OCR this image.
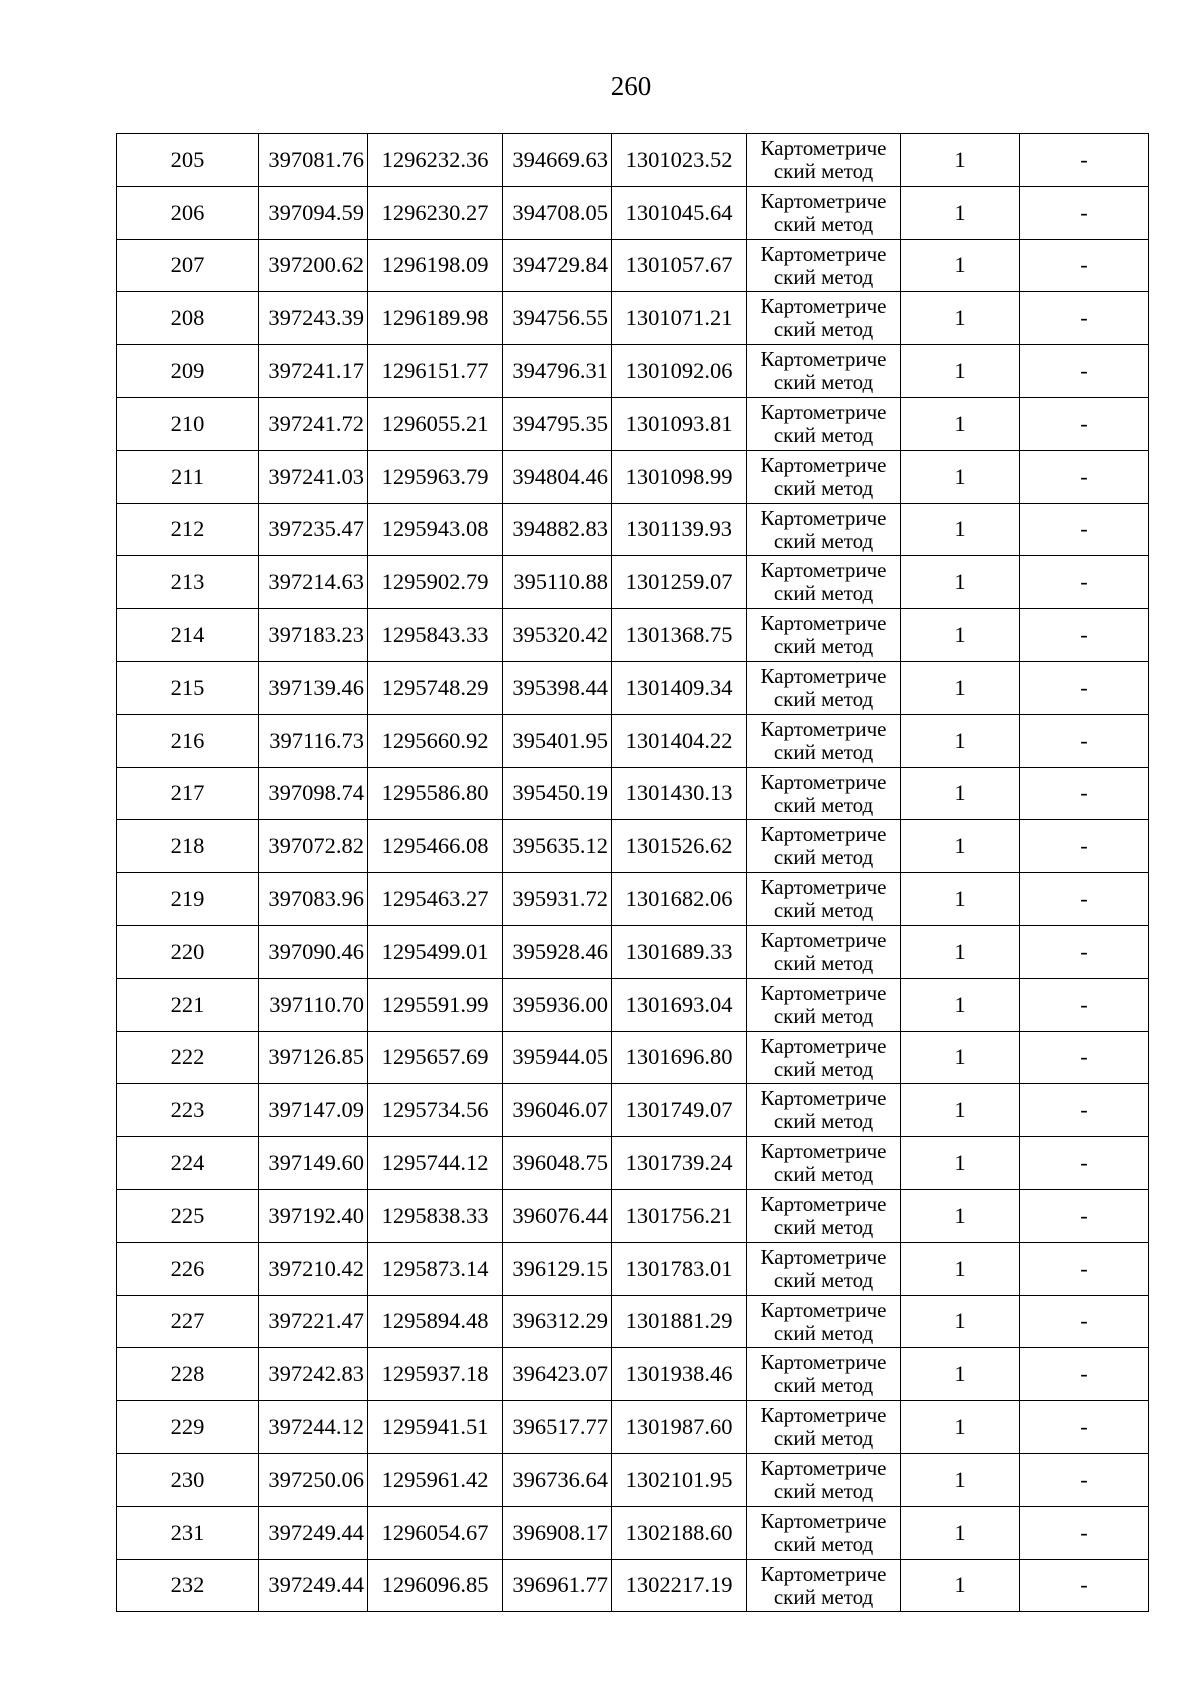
260
205	397081.76	1296232.36	394669.63	1301023.52	Картометриче
ский метод	1	-
206	397094.59	1296230.27	394708.05	1301045.64	Картометриче
ский метод	1	-
207	397200.62	1296198.09	394729.84	1301057.67	Картометриче
ский метод	1	-
208	397243.39	1296189.98	394756.55	1301071.21	Картометриче
ский метод	1	-
209	397241.17	1296151.77	394796.31	1301092.06	Картометриче
ский метод	1	-
210	397241.72	1296055.21	394795.35	1301093.81	Картометриче
ский метод	1	-
211	397241.03	1295963.79	394804.46	1301098.99	Картометриче
ский метод	1	-
212	397235.47	1295943.08	394882.83	1301139.93	Картометриче
ский метод	1	-
213	397214.63	1295902.79	395110.88	1301259.07	Картометриче
ский метод	1	-
214	397183.23	1295843.33	395320.42	1301368.75	Картометриче
ский метод	1	-
215	397139.46	1295748.29	395398.44	1301409.34	Картометриче
ский метод	1	-
216	397116.73	1295660.92	395401.95	1301404.22	Картометриче
ский метод	1	-
217	397098.74	1295586.80	395450.19	1301430.13	Картометриче
ский метод	1	-
218	397072.82	1295466.08	395635.12	1301526.62	Картометриче
ский метод	1	-
219	397083.96	1295463.27	395931.72	1301682.06	Картометриче
ский метод	1	-
220	397090.46	1295499.01	395928.46	1301689.33	Картометриче
ский метод	1	-
221	397110.70	1295591.99	395936.00	1301693.04	Картометриче
ский метод	1	-
222	397126.85	1295657.69	395944.05	1301696.80	Картометриче
ский метод	1	-
223	397147.09	1295734.56	396046.07	1301749.07	Картометриче
ский метод	1	-
224	397149.60	1295744.12	396048.75	1301739.24	Картометриче
ский метод	1	-
225	397192.40	1295838.33	396076.44	1301756.21	Картометриче
ский метод	1	-
226	397210.42	1295873.14	396129.15	1301783.01	Картометриче
ский метод	1	-
227	397221.47	1295894.48	396312.29	1301881.29	Картометриче
ский метод	1	-
228	397242.83	1295937.18	396423.07	1301938.46	Картометриче
ский метод	1	-
229	397244.12	1295941.51	396517.77	1301987.60	Картометриче
ский метод	1	-
230	397250.06	1295961.42	396736.64	1302101.95	Картометриче
ский метод	1	-
231	397249.44	1296054.67	396908.17	1302188.60	Картометриче
ский метод	1	-
232	397249.44	1296096.85	396961.77	1302217.19	Картометриче
ский метод	1	-
